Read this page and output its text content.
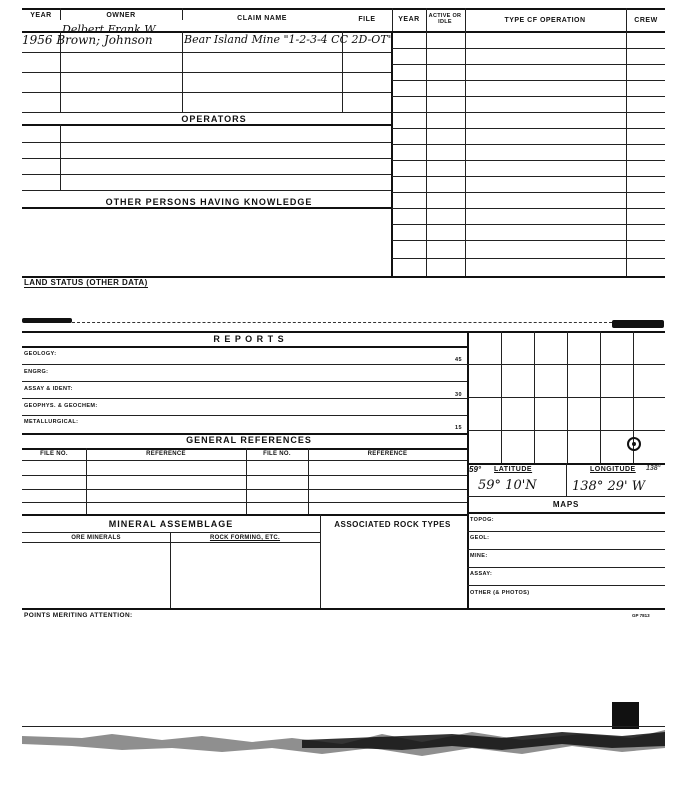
YEAR	OWNER	CLAIM NAME	FILE	YEAR	ACTIVE OR IDLE	TYPE CF OPERATION	CREW
Delbert Frank W.
1956 Brown; Johnson	Bear Island Mine "1-2-3-4 CC 2D-OT"
OPERATORS
OTHER PERSONS HAVING KNOWLEDGE
LAND STATUS (OTHER DATA)
R E P O R T S
GEOLOGY:
45
ENGRG:
ASSAY & IDENT:
30
GEOPHYS. & GEOCHEM:
METALLURGICAL:
15
GENERAL REFERENCES
FILE NO.	REFERENCE	FILE NO.	REFERENCE
MINERAL ASSEMBLAGE	ASSOCIATED ROCK TYPES
ORE MINERALS	ROCK FORMING, ETC.
59° LATITUDE	LONGITUDE 138°
59° 10'N	138° 29' W
MAPS
TOPOG:
GEOL:
MINE:
ASSAY:
OTHER (& PHOTOS)
POINTS MERITING ATTENTION:	GP 7813
